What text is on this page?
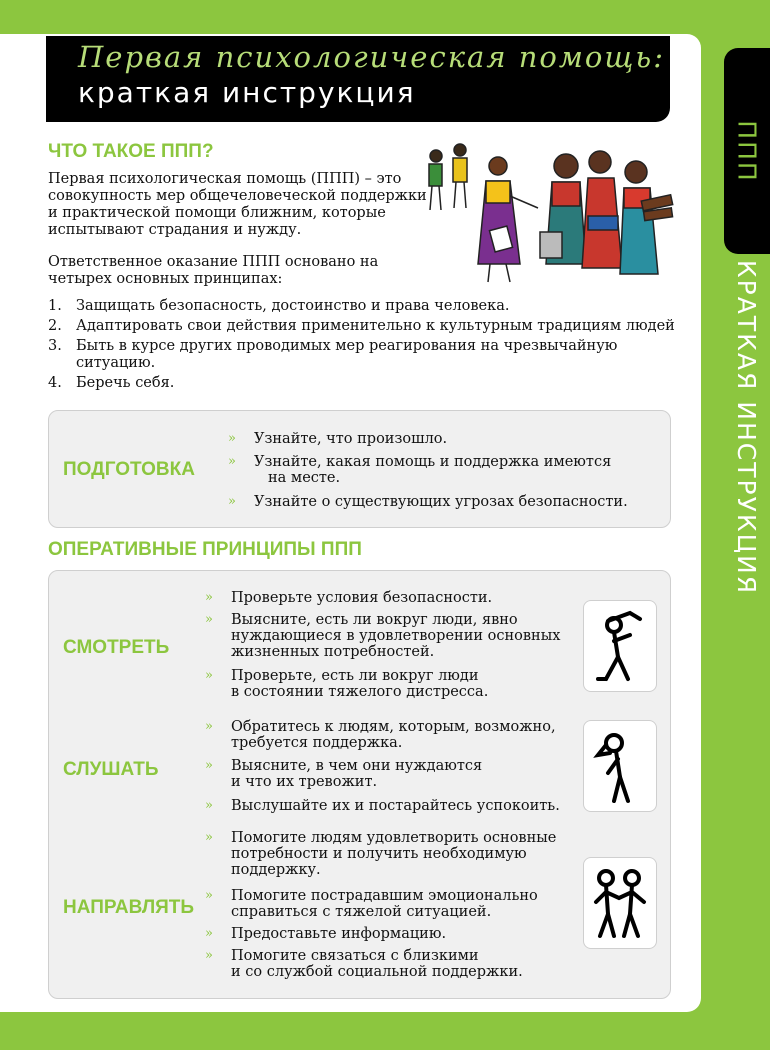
Первая психологическая помощь:
краткая инструкция
ППП
КРАТКАЯ ИНСТРУКЦИЯ
ЧТО ТАКОЕ ППП?
Первая психологическая помощь (ППП) – это
совокупность мер общечеловеческой поддержки
и практической помощи ближним, которые
испытывают страдания и нужду.
Ответственное оказание ППП основано на
четырех основных принципах:
1. Защищать безопасность, достоинство и права человека.
2. Адаптировать свои действия применительно к культурным традициям людей
3. Быть в курсе других проводимых мер реагирования на чрезвычайную
ситуацию.
4. Беречь себя.
ПОДГОТОВКА
» Узнайте, что произошло.
» Узнайте, какая помощь и поддержка имеются
на месте.
» Узнайте о существующих угрозах безопасности.
ОПЕРАТИВНЫЕ ПРИНЦИПЫ ППП
СМОТРЕТЬ
» Проверьте условия безопасности.
» Выясните, есть ли вокруг люди, явно
нуждающиеся в удовлетворении основных
жизненных потребностей.
» Проверьте, есть ли вокруг люди
в состоянии тяжелого дистресса.
СЛУШАТЬ
» Обратитесь к людям, которым, возможно,
требуется поддержка.
» Выясните, в чем они нуждаются
и что их тревожит.
» Выслушайте их и постарайтесь успокоить.
НАПРАВЛЯТЬ
» Помогите людям удовлетворить основные
потребности и получить необходимую
поддержку.
» Помогите пострадавшим эмоционально
справиться с тяжелой ситуацией.
» Предоставьте информацию.
» Помогите связаться с близкими
и со службой социальной поддержки.
